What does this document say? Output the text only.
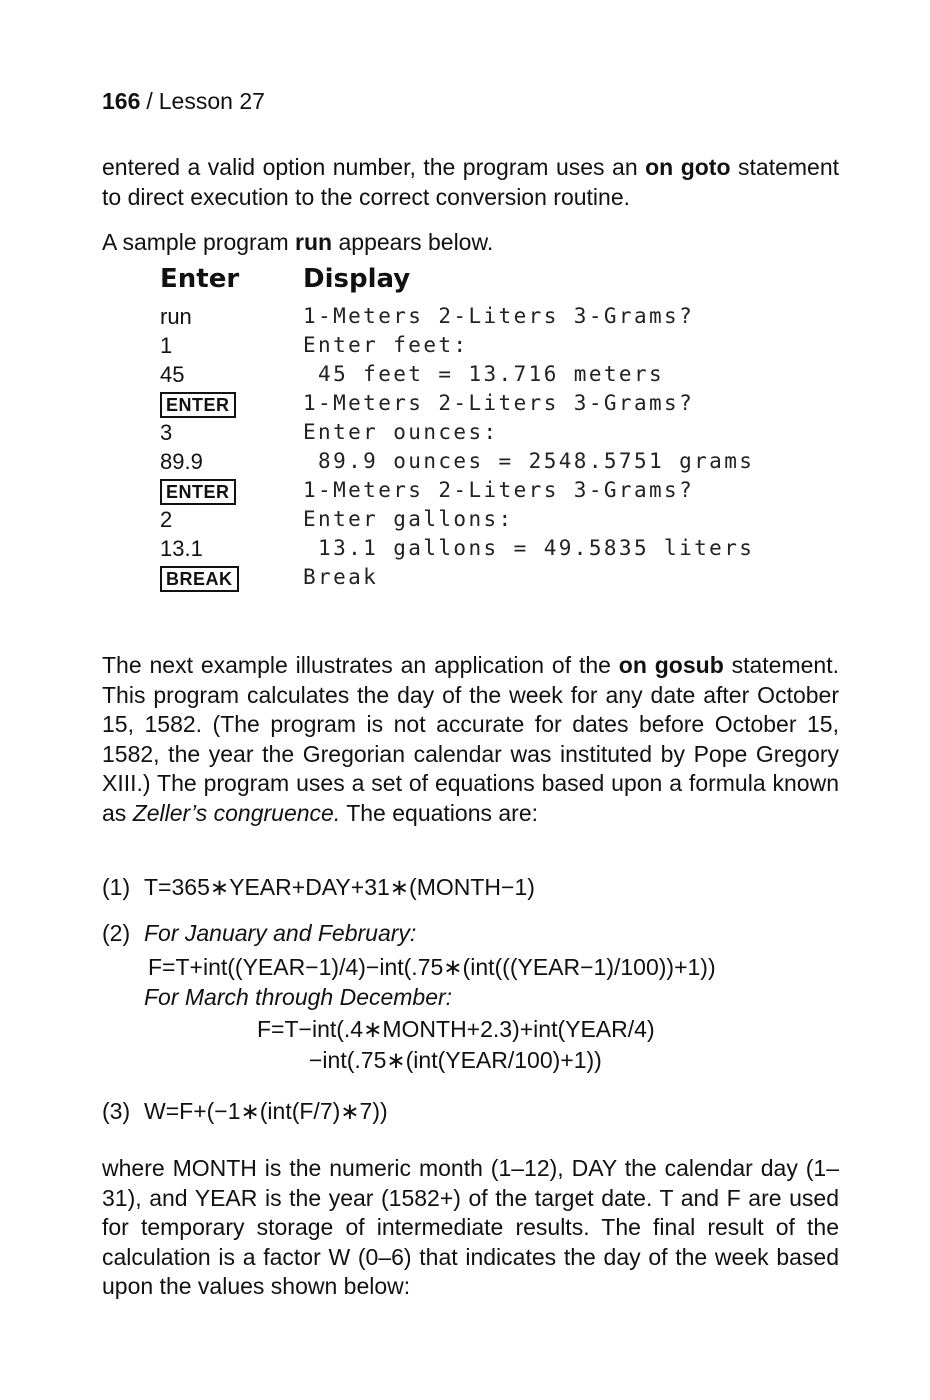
166 / Lesson 27
entered a valid option number, the program uses an on goto statement to direct execution to the correct conversion routine.
A sample program run appears below.
Enter Display
run	1-Meters 2-Liters 3-Grams?
1	Enter feet:
45	45 feet = 13.716 meters
ENTER	1-Meters 2-Liters 3-Grams?
3	Enter ounces:
89.9	89.9 ounces = 2548.5751 grams
ENTER	1-Meters 2-Liters 3-Grams?
2	Enter gallons:
13.1	13.1 gallons = 49.5835 liters
BREAK	Break
The next example illustrates an application of the on gosub statement. This program calculates the day of the week for any date after October 15, 1582. (The program is not accurate for dates before October 15, 1582, the year the Gregorian calendar was instituted by Pope Gregory XIII.) The program uses a set of equations based upon a formula known as Zeller’s congruence. The equations are:
(1) T=365∗YEAR+DAY+31∗(MONTH−1)
(2) For January and February:
F=T+int((YEAR−1)/4)−int(.75∗(int(((YEAR−1)/100))+1))
For March through December:
F=T−int(.4∗MONTH+2.3)+int(YEAR/4)
−int(.75∗(int(YEAR/100)+1))
(3) W=F+(−1∗(int(F/7)∗7))
where MONTH is the numeric month (1–12), DAY the calendar day (1–31), and YEAR is the year (1582+) of the target date. T and F are used for temporary storage of intermediate results. The final result of the calculation is a factor W (0–6) that indicates the day of the week based upon the values shown below:
